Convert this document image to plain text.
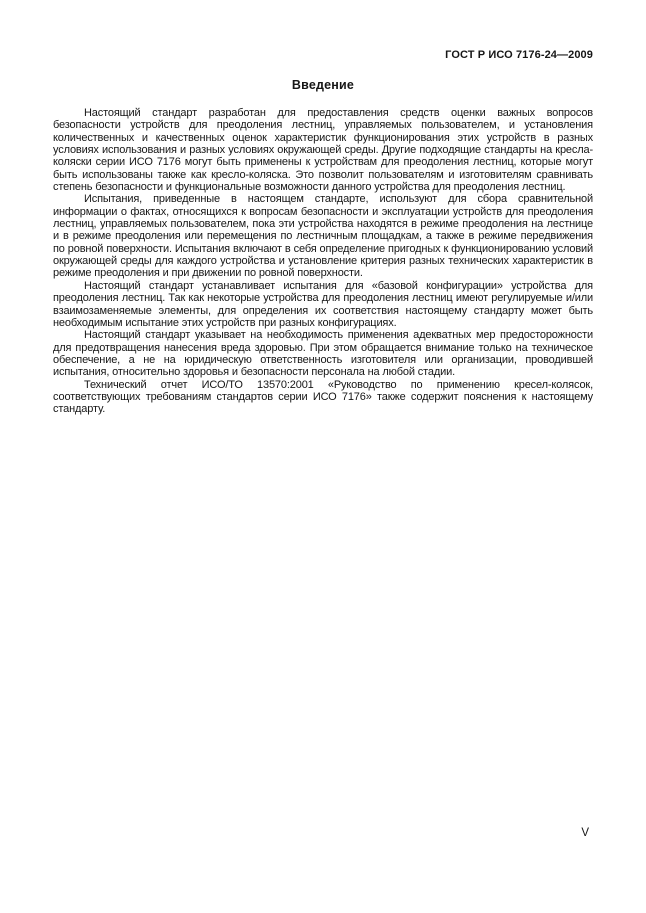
ГОСТ Р ИСО 7176-24—2009
Введение

Настоящий стандарт разработан для предоставления средств оценки важных вопросов безопасности устройств для преодоления лестниц, управляемых пользователем, и установления количественных и качественных оценок характеристик функционирования этих устройств в разных условиях использования и разных условиях окружающей среды. Другие подходящие стандарты на кресла-коляски серии ИСО 7176 могут быть применены к устройствам для преодоления лестниц, которые могут быть использованы также как кресло-коляска. Это позволит пользователям и изготовителям сравнивать степень безопасности и функциональные возможности данного устройства для преодоления лестниц.

Испытания, приведенные в настоящем стандарте, используют для сбора сравнительной информации о фактах, относящихся к вопросам безопасности и эксплуатации устройств для преодоления лестниц, управляемых пользователем, пока эти устройства находятся в режиме преодоления на лестнице и в режиме преодоления или перемещения по лестничным площадкам, а также в режиме передвижения по ровной поверхности. Испытания включают в себя определение пригодных к функционированию условий окружающей среды для каждого устройства и установление критерия разных технических характеристик в режиме преодоления и при движении по ровной поверхности.

Настоящий стандарт устанавливает испытания для «базовой конфигурации» устройства для преодоления лестниц. Так как некоторые устройства для преодоления лестниц имеют регулируемые и/или взаимозаменяемые элементы, для определения их соответствия настоящему стандарту может быть необходимым испытание этих устройств при разных конфигурациях.

Настоящий стандарт указывает на необходимость применения адекватных мер предосторожности для предотвращения нанесения вреда здоровью. При этом обращается внимание только на техническое обеспечение, а не на юридическую ответственность изготовителя или организации, проводившей испытания, относительно здоровья и безопасности персонала на любой стадии.

Технический отчет ИСО/ТО 13570:2001 «Руководство по применению кресел-колясок, соответствующих требованиям стандартов серии ИСО 7176» также содержит пояснения к настоящему стандарту.

V
